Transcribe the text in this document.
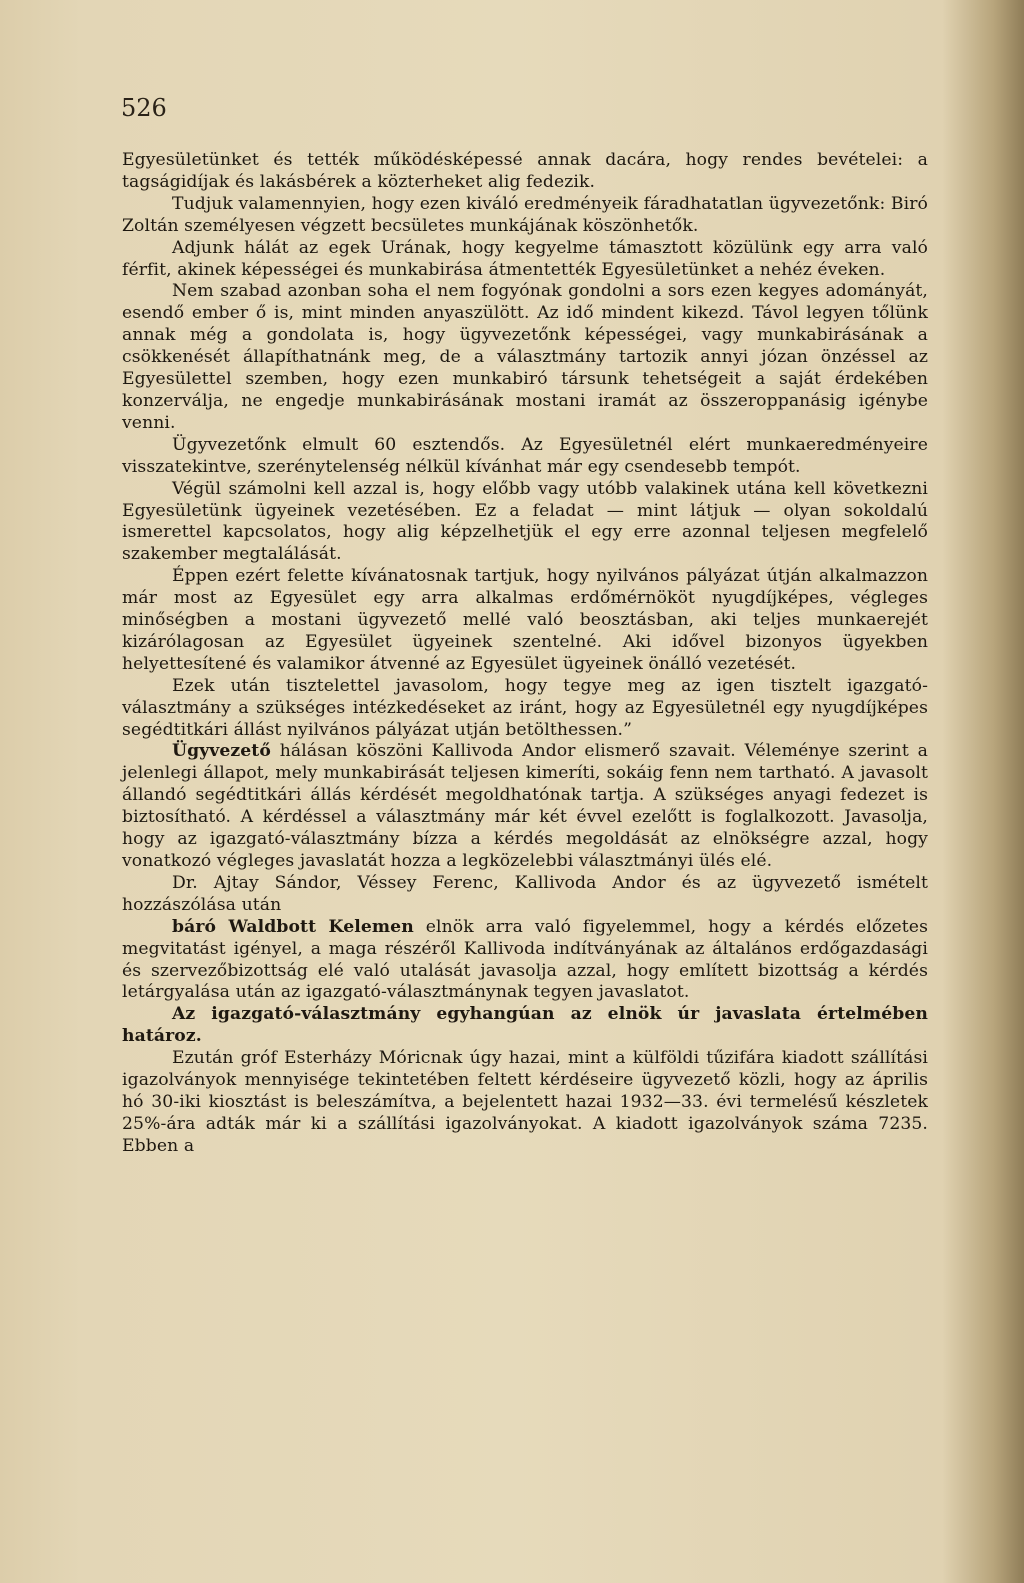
526

Egyesületünket és tették működésképessé annak dacára, hogy rendes bevételei: a tagságidíjak és lakásbérek a közterheket alig fedezik.

Tudjuk valamennyien, hogy ezen kiváló eredményeik fáradhatatlan ügyvezetőnk: Biró Zoltán személyesen végzett becsületes munkájának köszönhetők.

Adjunk hálát az egek Urának, hogy kegyelme támasztott közülünk egy arra való férfit, akinek képességei és munkabirása átmentették Egyesületünket a nehéz éveken.

Nem szabad azonban soha el nem fogyónak gondolni a sors ezen kegyes adományát, esendő ember ő is, mint minden anyaszülött. Az idő mindent kikezd. Távol legyen tőlünk annak még a gondolata is, hogy ügyvezetőnk képességei, vagy munkabirásának a csökkenését állapíthatnánk meg, de a választmány tartozik annyi józan önzéssel az Egyesülettel szemben, hogy ezen munkabiró társunk tehetségeit a saját érdekében konzerválja, ne engedje munkabirásának mostani iramát az összeroppanásig igénybe venni.

Ügyvezetőnk elmult 60 esztendős. Az Egyesületnél elért munkaeredményeire visszatekintve, szerénytelenség nélkül kívánhat már egy csendesebb tempót.

Végül számolni kell azzal is, hogy előbb vagy utóbb valakinek utána kell következni Egyesületünk ügyeinek vezetésében. Ez a feladat — mint látjuk — olyan sokoldalú ismerettel kapcsolatos, hogy alig képzelhetjük el egy erre azonnal teljesen megfelelő szakember megtalálását.

Éppen ezért felette kívánatosnak tartjuk, hogy nyilvános pályázat útján alkalmazzon már most az Egyesület egy arra alkalmas erdőmérnököt nyugdíjképes, végleges minőségben a mostani ügyvezető mellé való beosztásban, aki teljes munkaerejét kizárólagosan az Egyesület ügyeinek szentelné. Aki idővel bizonyos ügyekben helyettesítené és valamikor átvenné az Egyesület ügyeinek önálló vezetését.

Ezek után tisztelettel javasolom, hogy tegye meg az igen tisztelt igazgató-választmány a szükséges intézkedéseket az iránt, hogy az Egyesületnél egy nyugdíjképes segédtitkári állást nyilvános pályázat utján betölthessen.”

Ügyvezető hálásan köszöni Kallivoda Andor elismerő szavait. Véleménye szerint a jelenlegi állapot, mely munkabirását teljesen kimeríti, sokáig fenn nem tartható. A javasolt állandó segédtitkári állás kérdését megoldhatónak tartja. A szükséges anyagi fedezet is biztosítható. A kérdéssel a választmány már két évvel ezelőtt is foglalkozott. Javasolja, hogy az igazgató-választmány bízza a kérdés megoldását az elnökségre azzal, hogy vonatkozó végleges javaslatát hozza a legközelebbi választmányi ülés elé.

Dr. Ajtay Sándor, Véssey Ferenc, Kallivoda Andor és az ügyvezető ismételt hozzászólása után

báró Waldbott Kelemen elnök arra való figyelemmel, hogy a kérdés előzetes megvitatást igényel, a maga részéről Kallivoda indítványának az általános erdőgazdasági és szervezőbizottság elé való utalását javasolja azzal, hogy említett bizottság a kérdés letárgyalása után az igazgató-választmánynak tegyen javaslatot.

Az igazgató-választmány egyhangúan az elnök úr javaslata értelmében határoz.

Ezután gróf Esterházy Móricnak úgy hazai, mint a külföldi tűzifára kiadott szállítási igazolványok mennyisége tekintetében feltett kérdéseire ügyvezető közli, hogy az április hó 30-iki kiosztást is beleszámítva, a bejelentett hazai 1932—33. évi termelésű készletek 25%-ára adták már ki a szállítási igazolványokat. A kiadott igazolványok száma 7235. Ebben a
